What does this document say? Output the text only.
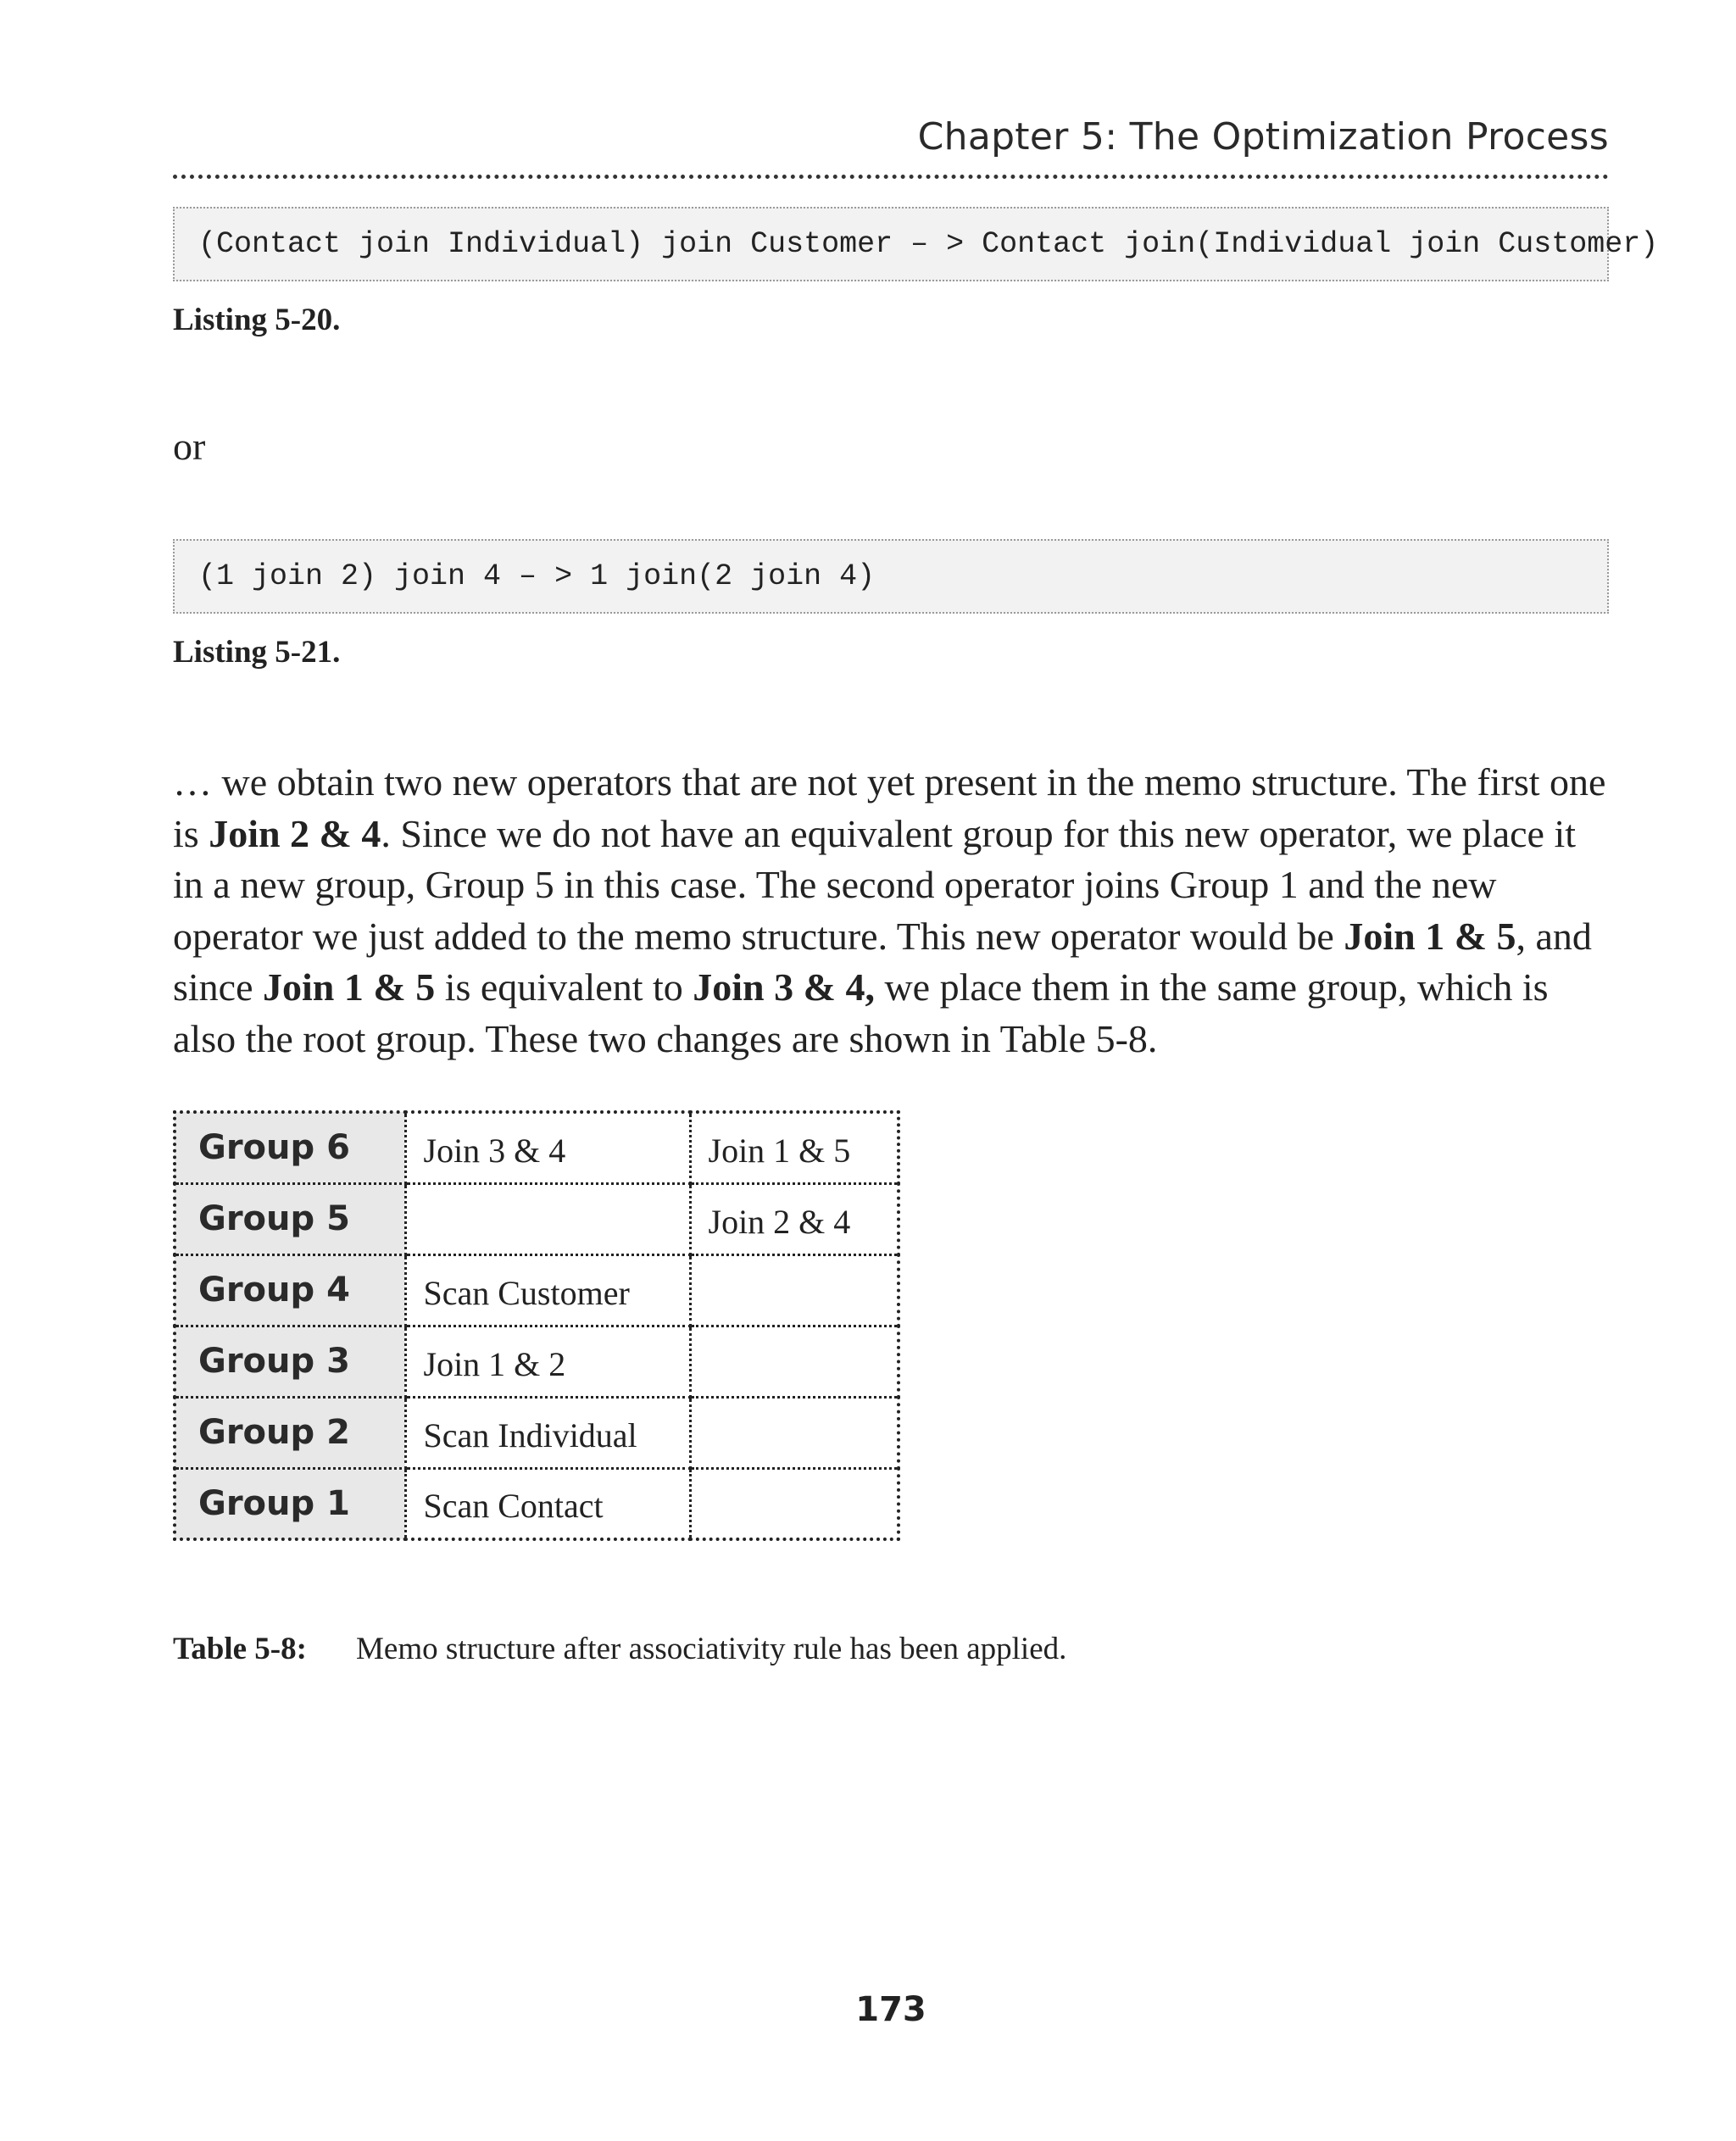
Chapter 5: The Optimization Process
(Contact join Individual) join Customer – > Contact join(Individual join Customer)
Listing 5-20.
or
(1 join 2) join 4 – > 1 join(2 join 4)
Listing 5-21.

… we obtain two new operators that are not yet present in the memo structure. The first one is Join 2 & 4. Since we do not have an equivalent group for this new operator, we place it in a new group, Group 5 in this case. The second operator joins Group 1 and the new operator we just added to the memo structure. This new operator would be Join 1 & 5, and since Join 1 & 5 is equivalent to Join 3 & 4, we place them in the same group, which is also the root group. These two changes are shown in Table 5-8.

Group 6	Join 3 & 4	Join 1 & 5
Group 5		Join 2 & 4
Group 4	Scan Customer	
Group 3	Join 1 & 2	
Group 2	Scan Individual	
Group 1	Scan Contact	
Table 5-8:	Memo structure after associativity rule has been applied.
173
